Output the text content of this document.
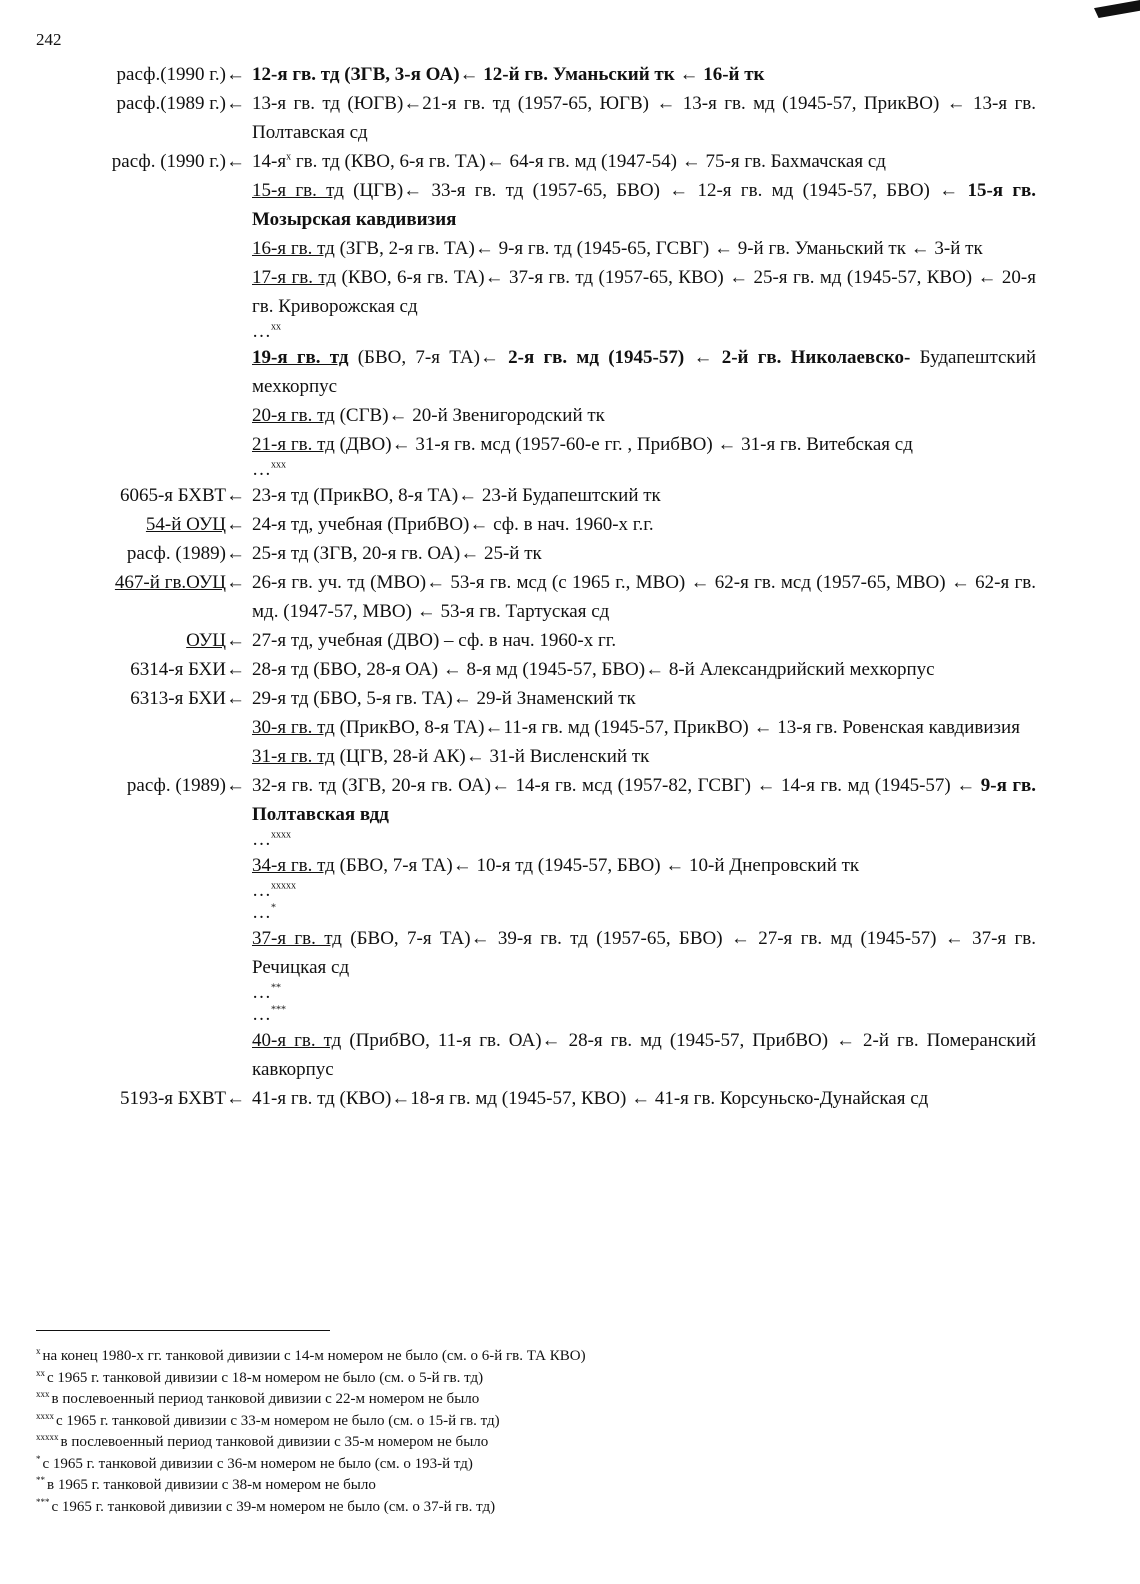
242
расф.(1990 г.) ← 12-я гв. тд (ЗГВ, 3-я ОА)← 12-й гв. Уманьский тк ← 16-й тк
расф.(1989 г.) ← 13-я гв. тд (ЮГВ)←21-я гв. тд (1957-65, ЮГВ) ← 13-я гв. мд (1945-57, ПрикВО) ← 13-я гв. Полтавская сд
расф. (1990 г.) ← $14-я^x$ гв. тд (КВО, 6-я гв. ТА)← 64-я гв. мд (1947-54) ← 75-я гв. Бахмачская сд
15-я гв. тд (ЦГВ)← 33-я гв. тд (1957-65, БВО) ← 12-я гв. мд (1945-57, БВО) ← 15-я гв. Мозырская кавдивизия
16-я гв. тд (ЗГВ, 2-я гв. ТА)← 9-я гв. тд (1945-65, ГСВГ) ← 9-й гв. Уманьский тк ← 3-й тк
17-я гв. тд (КВО, 6-я гв. ТА)← 37-я гв. тд (1957-65, КВО) ← 25-я гв. мд (1945-57, КВО) ← 20-я гв. Криворожская сд
…$^{xx}$
19-я гв. тд (БВО, 7-я ТА)← 2-я гв. мд (1945-57) ← 2-й гв. Николаевско- Будапештский мехкорпус
20-я гв. тд (СГВ)← 20-й Звенигородский тк
21-я гв. тд (ДВО)← 31-я гв. мсд (1957-60-е гг. , ПрибВО) ← 31-я гв. Витебская сд
…$^{xxx}$
6065-я БХВТ ← 23-я тд (ПрикВО, 8-я ТА)← 23-й Будапештский тк
54-й ОУЦ ← 24-я тд, учебная (ПрибВО)← сф. в нач. 1960-х г.г.
расф. (1989) ← 25-я тд (ЗГВ, 20-я гв. ОА)← 25-й тк
467-й гв.ОУЦ ← 26-я гв. уч. тд (МВО)← 53-я гв. мсд (с 1965 г., МВО) ← 62-я гв. мсд (1957-65, МВО) ← 62-я гв. мд. (1947-57, МВО) ← 53-я гв. Тартуская сд
ОУЦ ← 27-я тд, учебная (ДВО) – сф. в нач. 1960-х гг.
6314-я БХИ ← 28-я тд (БВО, 28-я ОА) ← 8-я мд (1945-57, БВО)← 8-й Александрийский мехкорпус
6313-я БХИ ← 29-я тд (БВО, 5-я гв. ТА)← 29-й Знаменский тк
30-я гв. тд (ПрикВО, 8-я ТА)←11-я гв. мд (1945-57, ПрикВО) ← 13-я гв. Ровенская кавдивизия
31-я гв. тд (ЦГВ, 28-й АК)← 31-й Висленский тк
расф. (1989) ← 32-я гв. тд (ЗГВ, 20-я гв. ОА)← 14-я гв. мсд (1957-82, ГСВГ) ← 14-я гв. мд (1945-57) ← 9-я гв. Полтавская вдд
…$^{xxxx}$
34-я гв. тд (БВО, 7-я ТА)← 10-я тд (1945-57, БВО) ← 10-й Днепровский тк
…$^{xxxxx}$
…*
37-я гв. тд (БВО, 7-я ТА)← 39-я гв. тд (1957-65, БВО) ← 27-я гв. мд (1945-57) ← 37-я гв. Речицкая сд
…**
…***
40-я гв. тд (ПрибВО, 11-я гв. ОА)← 28-я гв. мд (1945-57, ПрибВО) ← 2-й гв. Померанский кавкорпус
5193-я БХВТ ← 41-я гв. тд (КВО)←18-я гв. мд (1945-57, КВО) ← 41-я гв. Корсуньско-Дунайская сд
$^x$ на конец 1980-х гг. танковой дивизии с 14-м номером не было (см. о 6-й гв. ТА КВО)
$^{xx}$ с 1965 г. танковой дивизии с 18-м номером не было (см. о 5-й гв. тд)
$^{xxx}$ в послевоенный период танковой дивизии с 22-м номером не было
$^{xxxx}$ с 1965 г. танковой дивизии с 33-м номером не было (см. о 15-й гв. тд)
$^{xxxxx}$ в послевоенный период танковой дивизии с 35-м номером не было
* с 1965 г. танковой дивизии с 36-м номером не было (см. о 193-й тд)
** в 1965 г. танковой дивизии с 38-м номером не было
*** с 1965 г. танковой дивизии с 39-м номером не было (см. о 37-й гв. тд)
